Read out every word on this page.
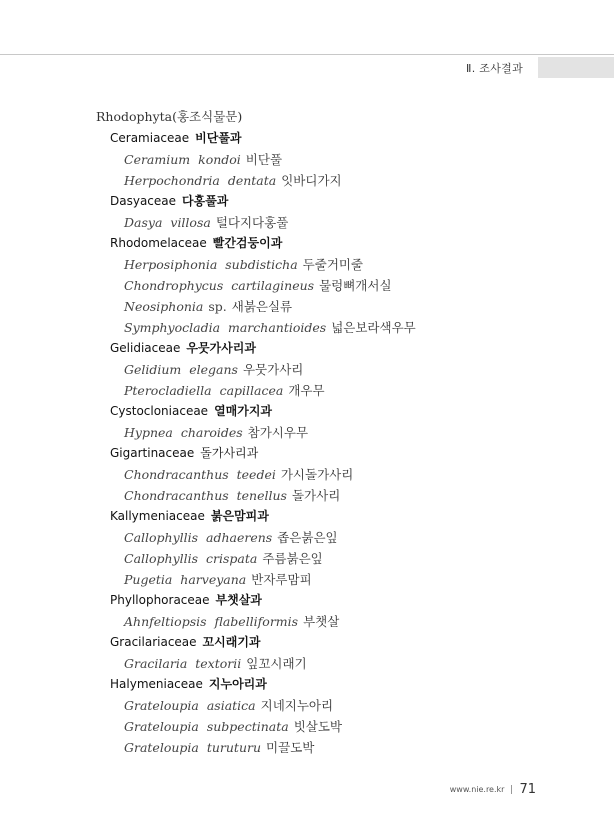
Ⅱ. 조사결과
Rhodophyta(홍조식물문)
Ceramiaceae 비단풀과
Ceramium kondoi 비단풀
Herpochondria dentata 잇바디가지
Dasyaceae 다홍풀과
Dasya villosa 털다지다홍풀
Rhodomelaceae 빨간검둥이과
Herposiphonia subdisticha 두줄거미줄
Chondrophycus cartilagineus 물렁뼈개서실
Neosiphonia sp. 새붉은실류
Symphyocladia marchantioides 넓은보라색우무
Gelidiaceae 우뭇가사리과
Gelidium elegans 우뭇가사리
Pterocladiella capillacea 개우무
Cystocloniaceae 열매가지과
Hypnea charoides 참가시우무
Gigartinaceae 돌가사리과
Chondracanthus teedei 가시돌가사리
Chondracanthus tenellus 돌가사리
Kallymeniaceae 붉은맘피과
Callophyllis adhaerens 좁은붉은잎
Callophyllis crispata 주름붉은잎
Pugetia harveyana 반자루맘피
Phyllophoraceae 부챗살과
Ahnfeltiopsis flabelliformis 부챗살
Gracilariaceae 꼬시래기과
Gracilaria textorii 잎꼬시래기
Halymeniaceae 지누아리과
Grateloupia asiatica 지네지누아리
Grateloupia subpectinata 빗살도박
Grateloupia turuturu 미끌도박
www.nie.re.kr 71
